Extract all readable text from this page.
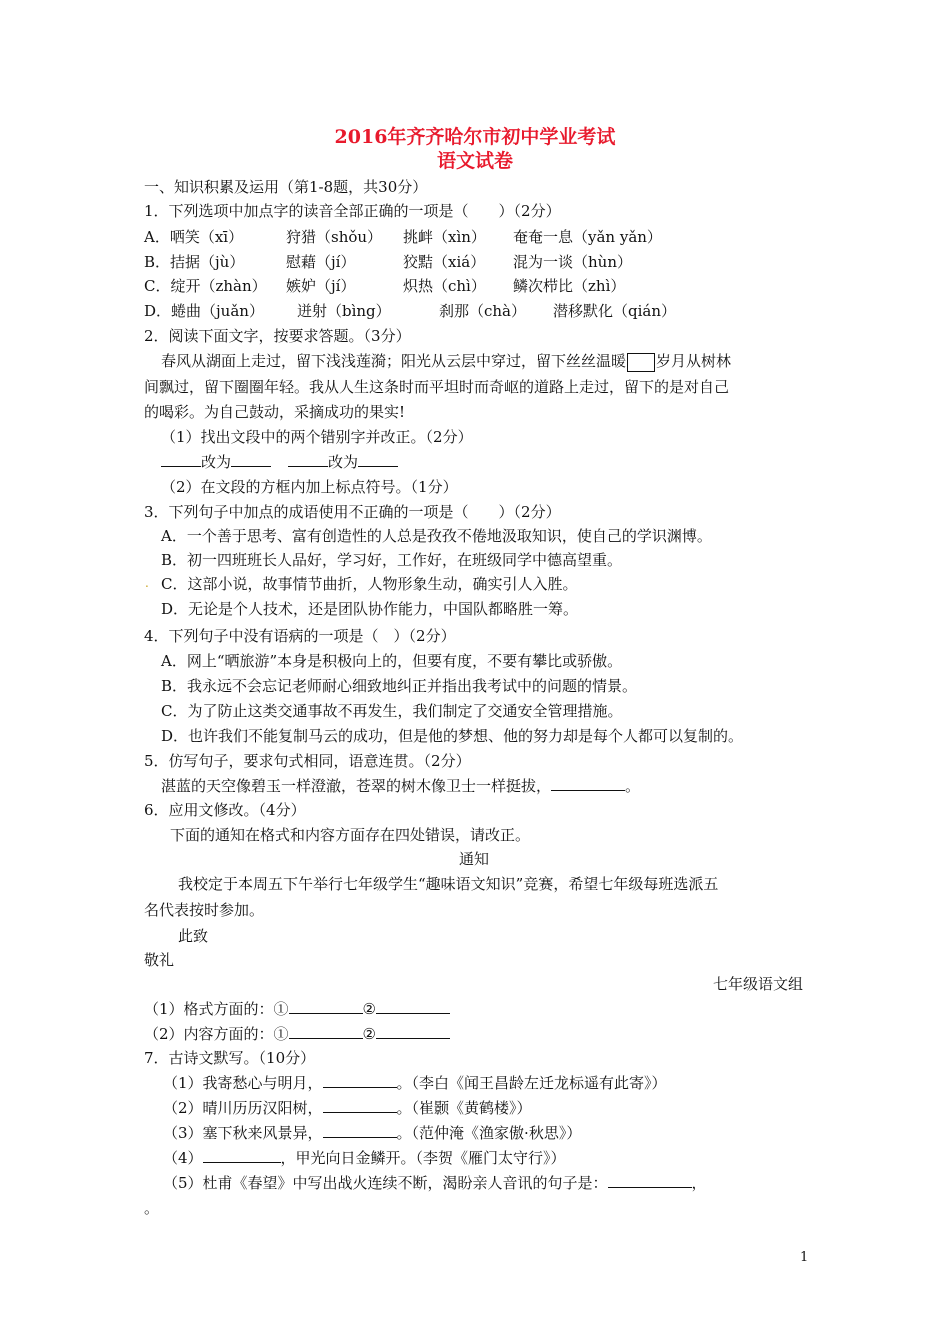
2016年齐齐哈尔市初中学业考试
语文试卷
一、知识积累及运用（第1-8题，共30分）
1．下列选项中加点字的读音全部正确的一项是（　　）（2分）
A．哂笑（xī）	狩猎（shǒu） 挑衅（xìn） 奄奄一息（yǎn yǎn）
B．拮据（jù）	慰藉（jí）	狡黠（xiá） 混为一谈（hùn）
C．绽开（zhàn） 嫉妒（jí）	炽热（chì） 鳞次栉比（zhì）
D．蜷曲（juǎn） 迸射（bìng）	刹那（chà） 潜移默化（qián）
2．阅读下面文字，按要求答题。（3分）
春风从湖面上走过，留下浅浅莲漪；阳光从云层中穿过，留下丝丝温暖 岁月从树林
间飘过，留下圈圈年轻。我从人生这条时而平坦时而奇岖的道路上走过，留下的是对自己
的喝彩。为自己鼓动，采摘成功的果实!
（1）找出文段中的两个错别字并改正。（2分）
改为	改为
（2）在文段的方框内加上标点符号。（1分）
3．下列句子中加点的成语使用不正确的一项是（　　）（2分）
A．一个善于思考、富有创造性的人总是孜孜不倦地汲取知识，使自己的学识渊博。
B．初一四班班长人品好，学习好，工作好，在班级同学中德高望重。
. C．这部小说，故事情节曲折，人物形象生动，确实引人入胜。
D．无论是个人技术，还是团队协作能力，中国队都略胜一筹。
4．下列句子中没有语病的一项是（　）（2分）
A．网上“晒旅游”本身是积极向上的，但要有度，不要有攀比或骄傲。
B．我永远不会忘记老师耐心细致地纠正并指出我考试中的问题的情景。
C．为了防止这类交通事故不再发生，我们制定了交通安全管理措施。
D．也许我们不能复制马云的成功，但是他的梦想、他的努力却是每个人都可以复制的。
5．仿写句子，要求句式相同，语意连贯。（2分）
湛蓝的天空像碧玉一样澄澈，苍翠的树木像卫士一样挺拔，	。
6．应用文修改。（4分）
下面的通知在格式和内容方面存在四处错误，请改正。
通知
我校定于本周五下午举行七年级学生“趣味语文知识”竞赛，希望七年级每班选派五
名代表按时参加。
此致
敬礼
七年级语文组
（1）格式方面的：①	②
（2）内容方面的：①	②
7．古诗文默写。（10分）
（1）我寄愁心与明月，	。（李白《闻王昌龄左迁龙标遥有此寄》）
（2）晴川历历汉阳树，	。（崔颢《黄鹤楼》）
（3）塞下秋来风景异，	。（范仲淹《渔家傲·秋思》）
（4）	，甲光向日金鳞开。（李贺《雁门太守行》）
（5）杜甫《春望》中写出战火连续不断，渴盼亲人音讯的句子是：	，
。
1
